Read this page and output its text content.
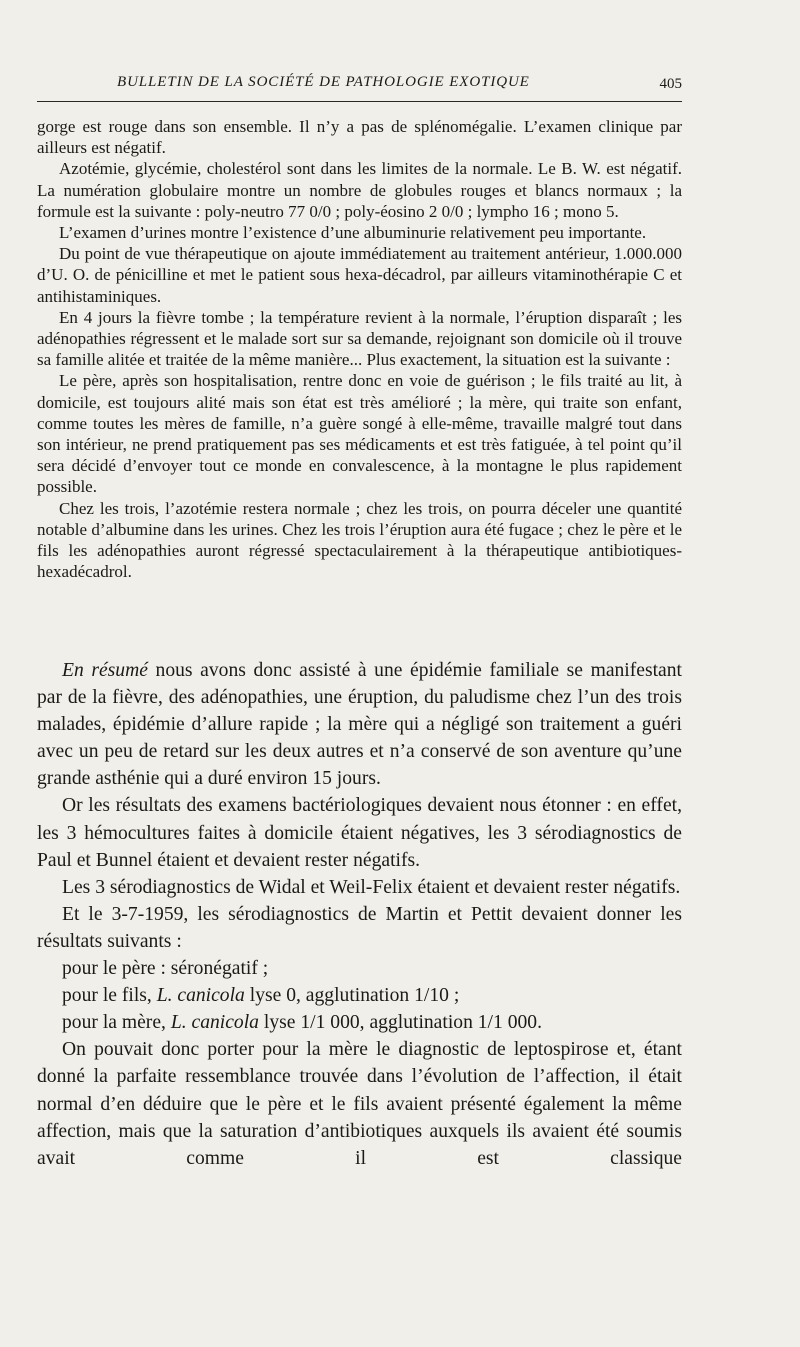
BULLETIN DE LA SOCIÉTÉ DE PATHOLOGIE EXOTIQUE	405

gorge est rouge dans son ensemble. Il n’y a pas de splénomégalie. L’examen clinique par ailleurs est négatif.

Azotémie, glycémie, cholestérol sont dans les limites de la normale. Le B. W. est négatif. La numération globulaire montre un nombre de globules rouges et blancs normaux ; la formule est la suivante : poly-neutro 77 0/0 ; poly-éosino 2 0/0 ; lympho 16 ; mono 5.

L’examen d’urines montre l’existence d’une albuminurie relativement peu importante.

Du point de vue thérapeutique on ajoute immédiatement au traitement antérieur, 1.000.000 d’U. O. de pénicilline et met le patient sous hexa-décadrol, par ailleurs vitaminothérapie C et antihistaminiques.

En 4 jours la fièvre tombe ; la température revient à la normale, l’éruption disparaît ; les adénopathies régressent et le malade sort sur sa demande, rejoignant son domicile où il trouve sa famille alitée et traitée de la même manière... Plus exactement, la situation est la suivante :

Le père, après son hospitalisation, rentre donc en voie de guérison ; le fils traité au lit, à domicile, est toujours alité mais son état est très amélioré ; la mère, qui traite son enfant, comme toutes les mères de famille, n’a guère songé à elle-même, travaille malgré tout dans son intérieur, ne prend pratiquement pas ses médicaments et est très fatiguée, à tel point qu’il sera décidé d’envoyer tout ce monde en convalescence, à la montagne le plus rapidement possible.

Chez les trois, l’azotémie restera normale ; chez les trois, on pourra déceler une quantité notable d’albumine dans les urines. Chez les trois l’éruption aura été fugace ; chez le père et le fils les adénopathies auront régressé spectaculairement à la thérapeutique antibiotiques-hexadécadrol.

En résumé nous avons donc assisté à une épidémie familiale se manifestant par de la fièvre, des adénopathies, une éruption, du paludisme chez l’un des trois malades, épidémie d’allure rapide ; la mère qui a négligé son traitement a guéri avec un peu de retard sur les deux autres et n’a conservé de son aventure qu’une grande asthénie qui a duré environ 15 jours.

Or les résultats des examens bactériologiques devaient nous étonner : en effet, les 3 hémocultures faites à domicile étaient négatives, les 3 sérodiagnostics de Paul et Bunnel étaient et devaient rester négatifs.

Les 3 sérodiagnostics de Widal et Weil-Felix étaient et devaient rester négatifs.

Et le 3-7-1959, les sérodiagnostics de Martin et Pettit devaient donner les résultats suivants :

pour le père : séronégatif ;

pour le fils, L. canicola lyse 0, agglutination 1/10 ;

pour la mère, L. canicola lyse 1/1 000, agglutination 1/1 000.

On pouvait donc porter pour la mère le diagnostic de leptospirose et, étant donné la parfaite ressemblance trouvée dans l’évolution de l’affection, il était normal d’en déduire que le père et le fils avaient présenté également la même affection, mais que la saturation d’antibiotiques auxquels ils avaient été soumis avait comme il est classique
